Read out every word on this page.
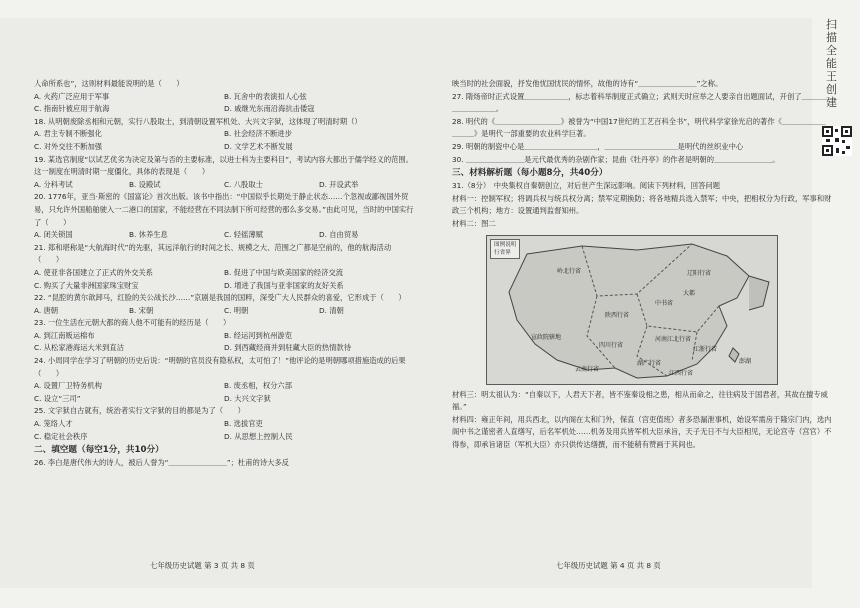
人命所系也”，这则材料最能说明的是（　　）
A. 火药广泛应用于军事	B. 瓦舍中的表演扣人心弦
C. 指南针被应用于航海	D. 戚继光东南沿海抗击倭寇
18. 从明朝废除丞相和元朝，实行八股取士，到清朝设置军机处、大兴文字狱，这体现了明清时期（）
A. 君主专制不断强化	B. 社会经济不断进步
C. 对外交往不断加强	D. 文学艺术不断发展
19. 某选官制度“以试艺优劣为决定及第与否的主要标准，以进士科为主要科目”，考试内容大都出于儒学经义的范围。这一制度在明清时期一度僵化，具体的表现是（　　）
A. 分科考试	B. 设殿试	C. 八股取士	D. 开设武举
20. 1776年，亚当·斯密的《国富论》首次出版。该书中指出：“中国似乎长期处于静止状态……个忽视或鄙视国外贸易，只允许外国船舶驶入一二港口的国家，不能经营在不同法制下所可经营的那么多交易。”由此可见，当时的中国实行了（　　）
A. 闭关锁国	B. 休养生息	C. 轻徭薄赋	D. 自由贸易
21. 郑和堪称是“大航海时代”的先驱，其远洋航行的时间之长、规模之大、范围之广都是空前的，他的航海活动（　　）
A. 使亚非各国建立了正式的外交关系	B. 促进了中国与欧美国家的经济交流
C. 购买了大量非洲国家珠宝财宝	D. 增进了我国与亚非国家的友好关系
22. “昆腔的黄尔歆卸马，红脸的关公战长沙……”京剧是我国的国粹，深受广大人民群众的喜爱，它形成于（　　）
A. 唐朝	B. 宋朝	C. 明朝	D. 清朝
23. 一位生活在元朝大都的商人他不可能有的经历是（　　）
A. 到江南贩运棉布	B. 经运河到杭州游览
C. 从松家港海运大米到直沽	D. 到西藏经商并到驻藏大臣的热情款待
24. 小周同学在学习了明朝的历史后说：“明朝的官员没有隐私权，太可怕了！”他评论的是明朝哪项措施造成的后果（　　）
A. 设置厂卫特务机构	B. 废丞相，权分六部
C. 设立“三司”	D. 大兴文字狱
25. 文字狱自古就有，统治者实行文字狱的目的都是为了（　　）
A. 笼络人才	B. 选拔官吏
C. 稳定社会秩序	D. 从思想上控制人民
二、填空题（每空1分，共10分）
26. 李白是唐代伟大的诗人，被后人誉为“＿＿＿＿＿＿＿＿”；杜甫的诗大多反
映当时的社会面貌，抒发他忧国忧民的情怀，故他的诗有“＿＿＿＿＿＿＿＿”之称。
27. 隋炀帝时正式设置＿＿＿＿＿＿，标志着科举制度正式确立；武则天时应举之人要亲自出题面试，开创了＿＿＿＿＿＿＿＿＿＿。
28. 明代的《＿＿＿＿＿＿＿＿＿》被誉为“中国17世纪的工艺百科全书”，明代科学家徐光启的著作《＿＿＿＿＿＿＿＿＿》是明代一部重要的农业科学巨著。
29. 明朝的制瓷中心是＿＿＿＿＿＿＿＿＿＿，＿＿＿＿＿＿＿＿＿＿是明代的丝织业中心
30. ＿＿＿＿＿＿＿＿是元代最优秀的杂剧作家；昆曲《牡丹亭》的作者是明朝的＿＿＿＿＿＿＿＿。
三、材料解析题（每小题8分，共40分）
31.（8分）　中央集权自秦朝创立，对后世产生深远影响。阅读下列材料，回答问题
材料一：控制军权；将调兵权与统兵权分离；禁军定期换防；将各地精兵选入禁军；中央，把相权分为行政，军事和财政三个机构；地方：设置通判监督知州。
材料二：图二
图例说明
行省界
岭北行省	辽阳行省
中书省
陕西行省
河南江北行省
四川行省
湖广行省
江浙行省
江西行省
云南行省
宣政院辖地
大都
澎湖
材料三：明太祖认为：“自秦以下，人君天下者，皆不鉴秦设相之患，相从而命之，往往病及于国君者，其故在擅专威福。”
材料四：雍正年间，用兵西北，以内阁在太和门外，保直（宫吏值班）者多恐漏泄事机，始设军需房于隆宗门内，选内阁中书之谨密者人直缮写，后名军机处……机务及用兵皆军机大臣承旨，天子无日不与大臣相见，无论宫寺（宫官）不得参，即承旨诸臣（军机大臣）亦只供传达缮撰，而不能稍有赞画于其间也。
七年级历史试题 第 3 页 共 8 页	七年级历史试题 第 4 页 共 8 页
扫描全能王 创建
